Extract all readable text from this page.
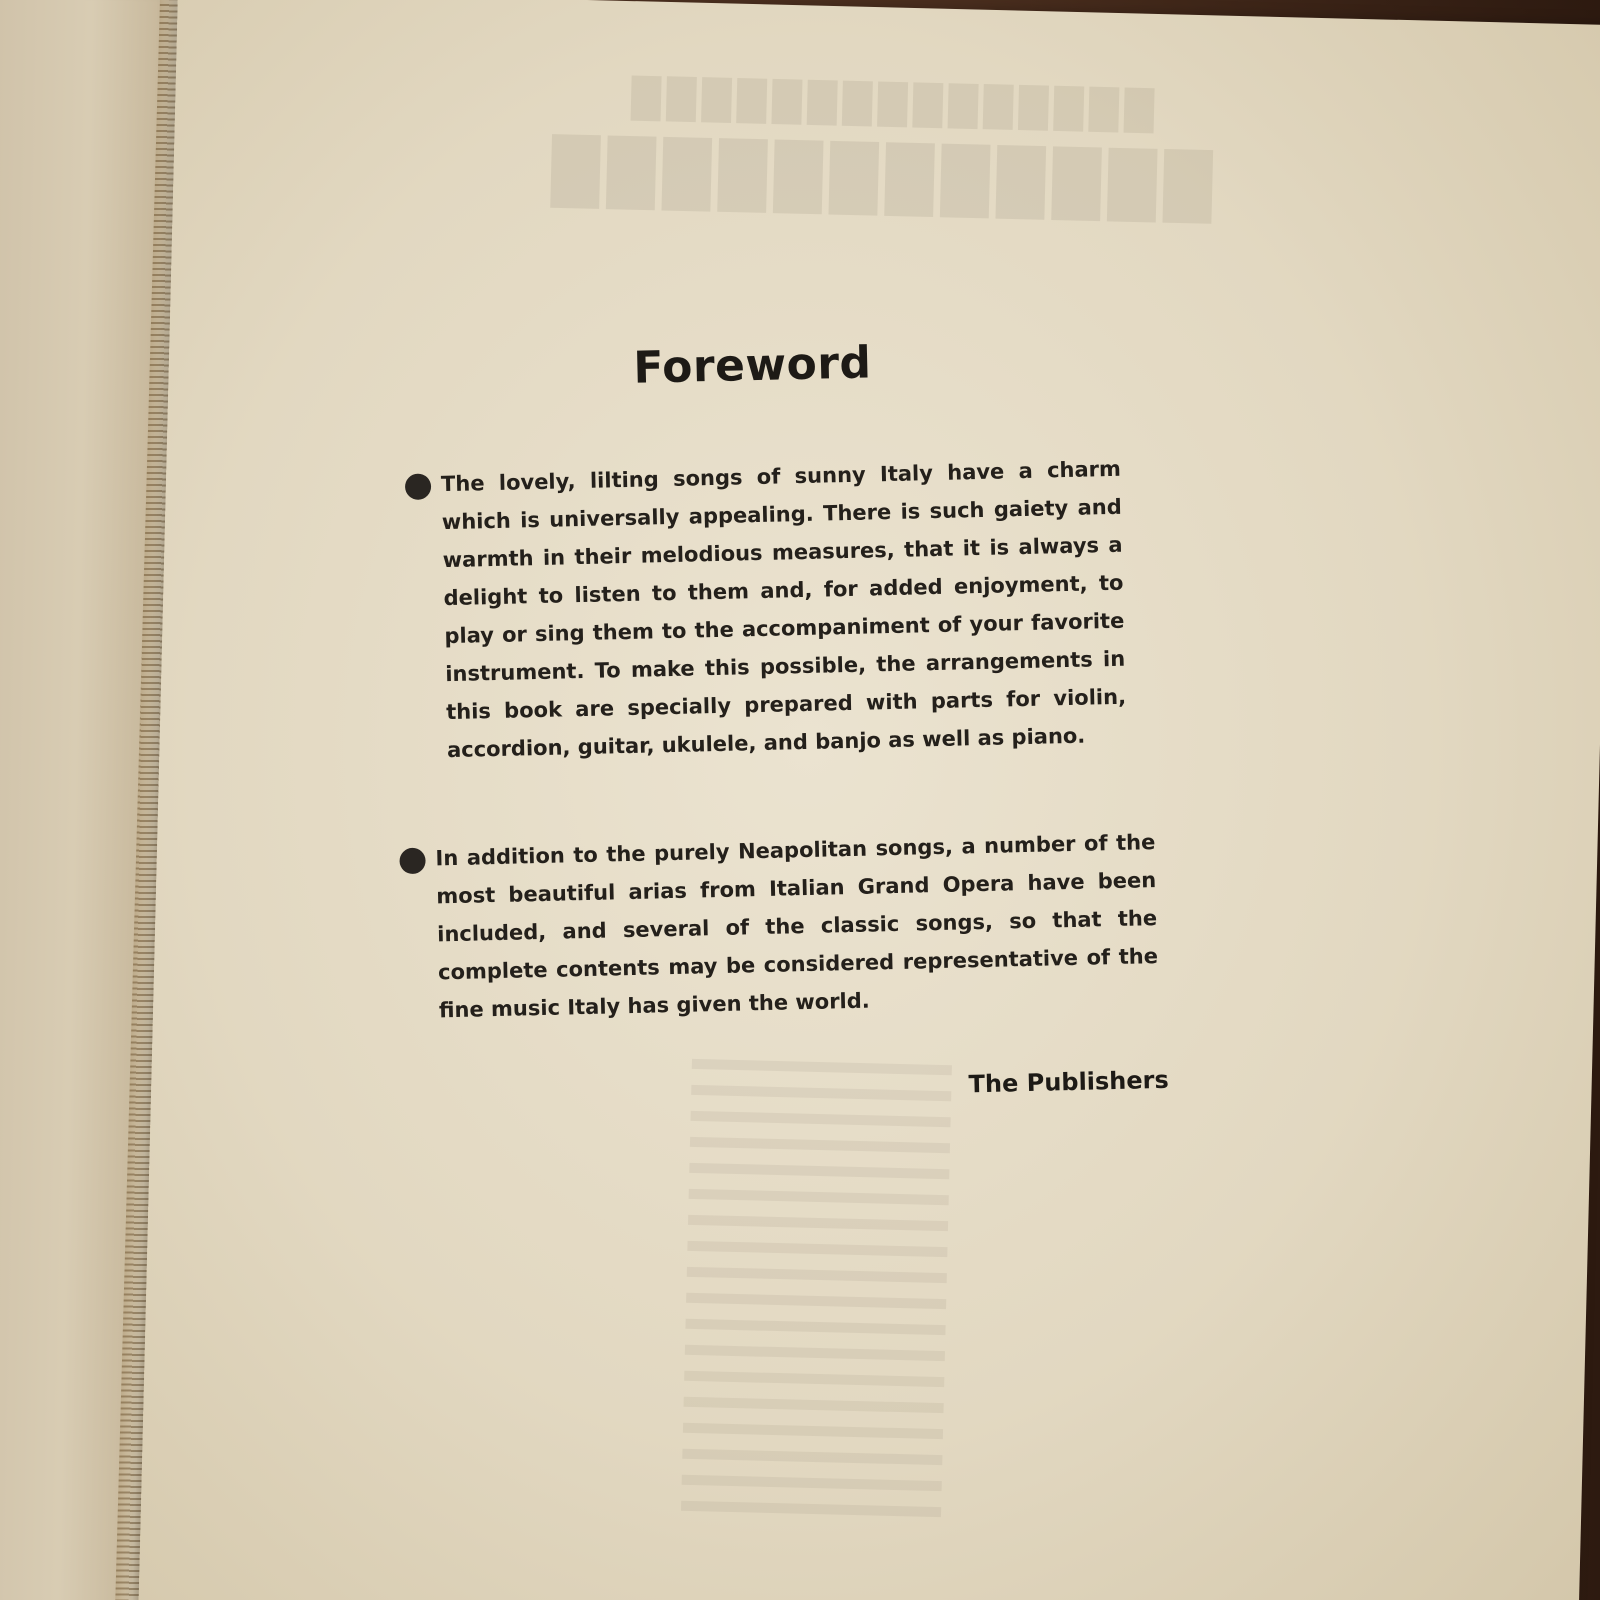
███████████████
████████████
Foreword

The lovely, lilting songs of sunny Italy have a charm which is universally appealing. There is such gaiety and warmth in their melodious measures, that it is always a delight to listen to them and, for added enjoyment, to play or sing them to the accompaniment of your favorite instrument. To make this possible, the arrangements in this book are specially prepared with parts for violin, accordion, guitar, ukulele, and banjo as well as piano.

In addition to the purely Neapolitan songs, a number of the most beautiful arias from Italian Grand Opera have been included, and several of the classic songs, so that the complete contents may be considered representative of the fine music Italy has given the world.

The Publishers
